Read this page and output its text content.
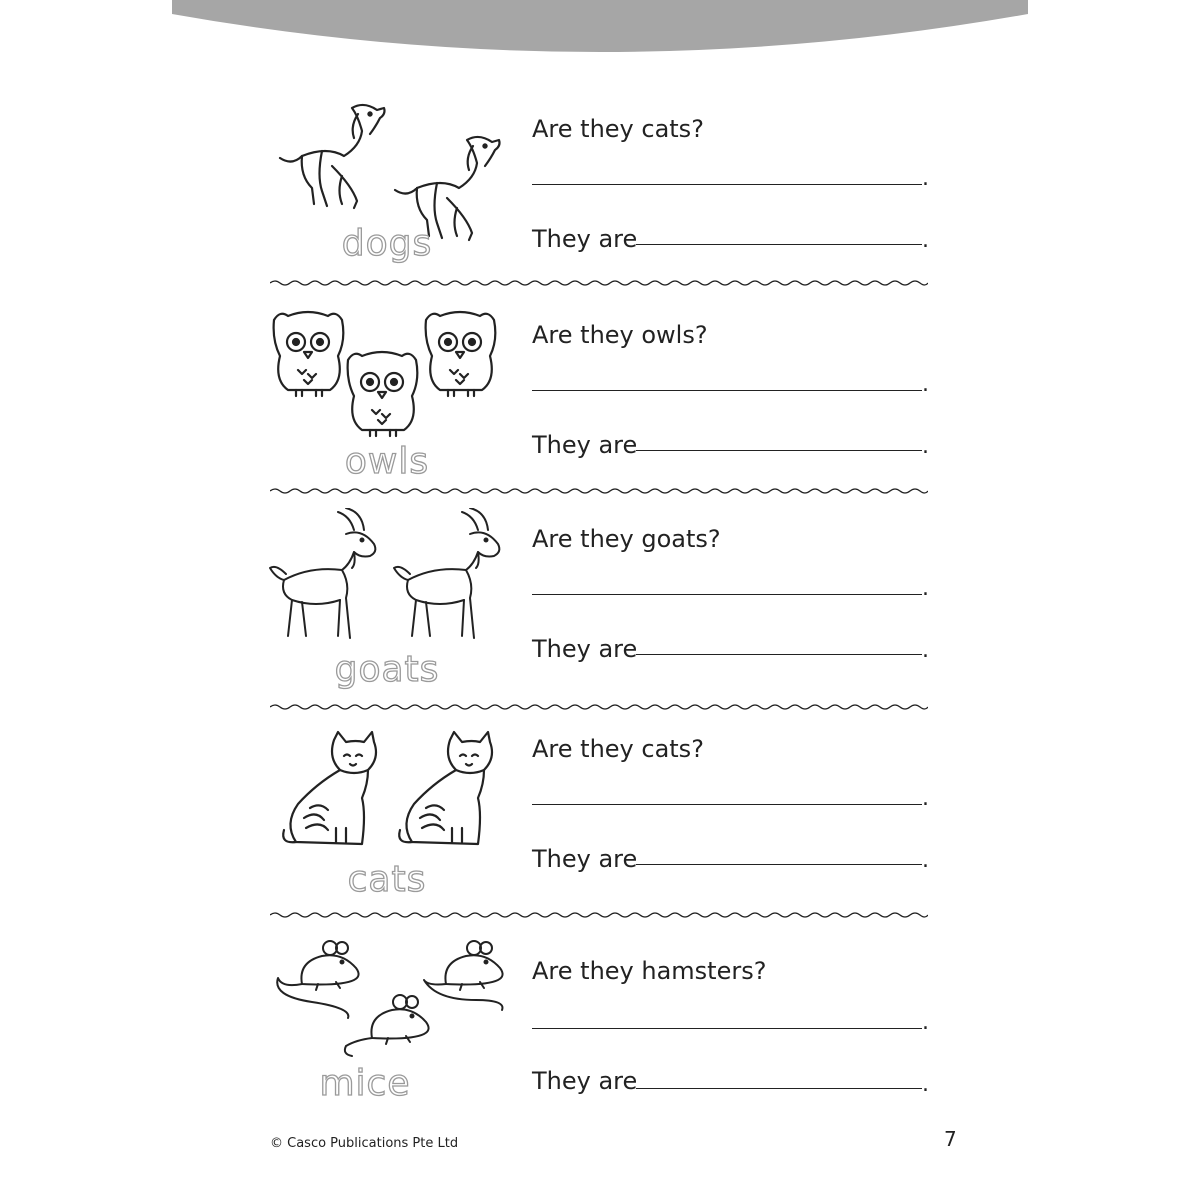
dogs
Are they cats?
.
They are	.
owls
Are they owls?
.
They are	.
goats
Are they goats?
.
They are	.
cats
Are they cats?
.
They are	.
mice
Are they hamsters?
.
They are	.
© Casco Publications Pte Ltd	7
